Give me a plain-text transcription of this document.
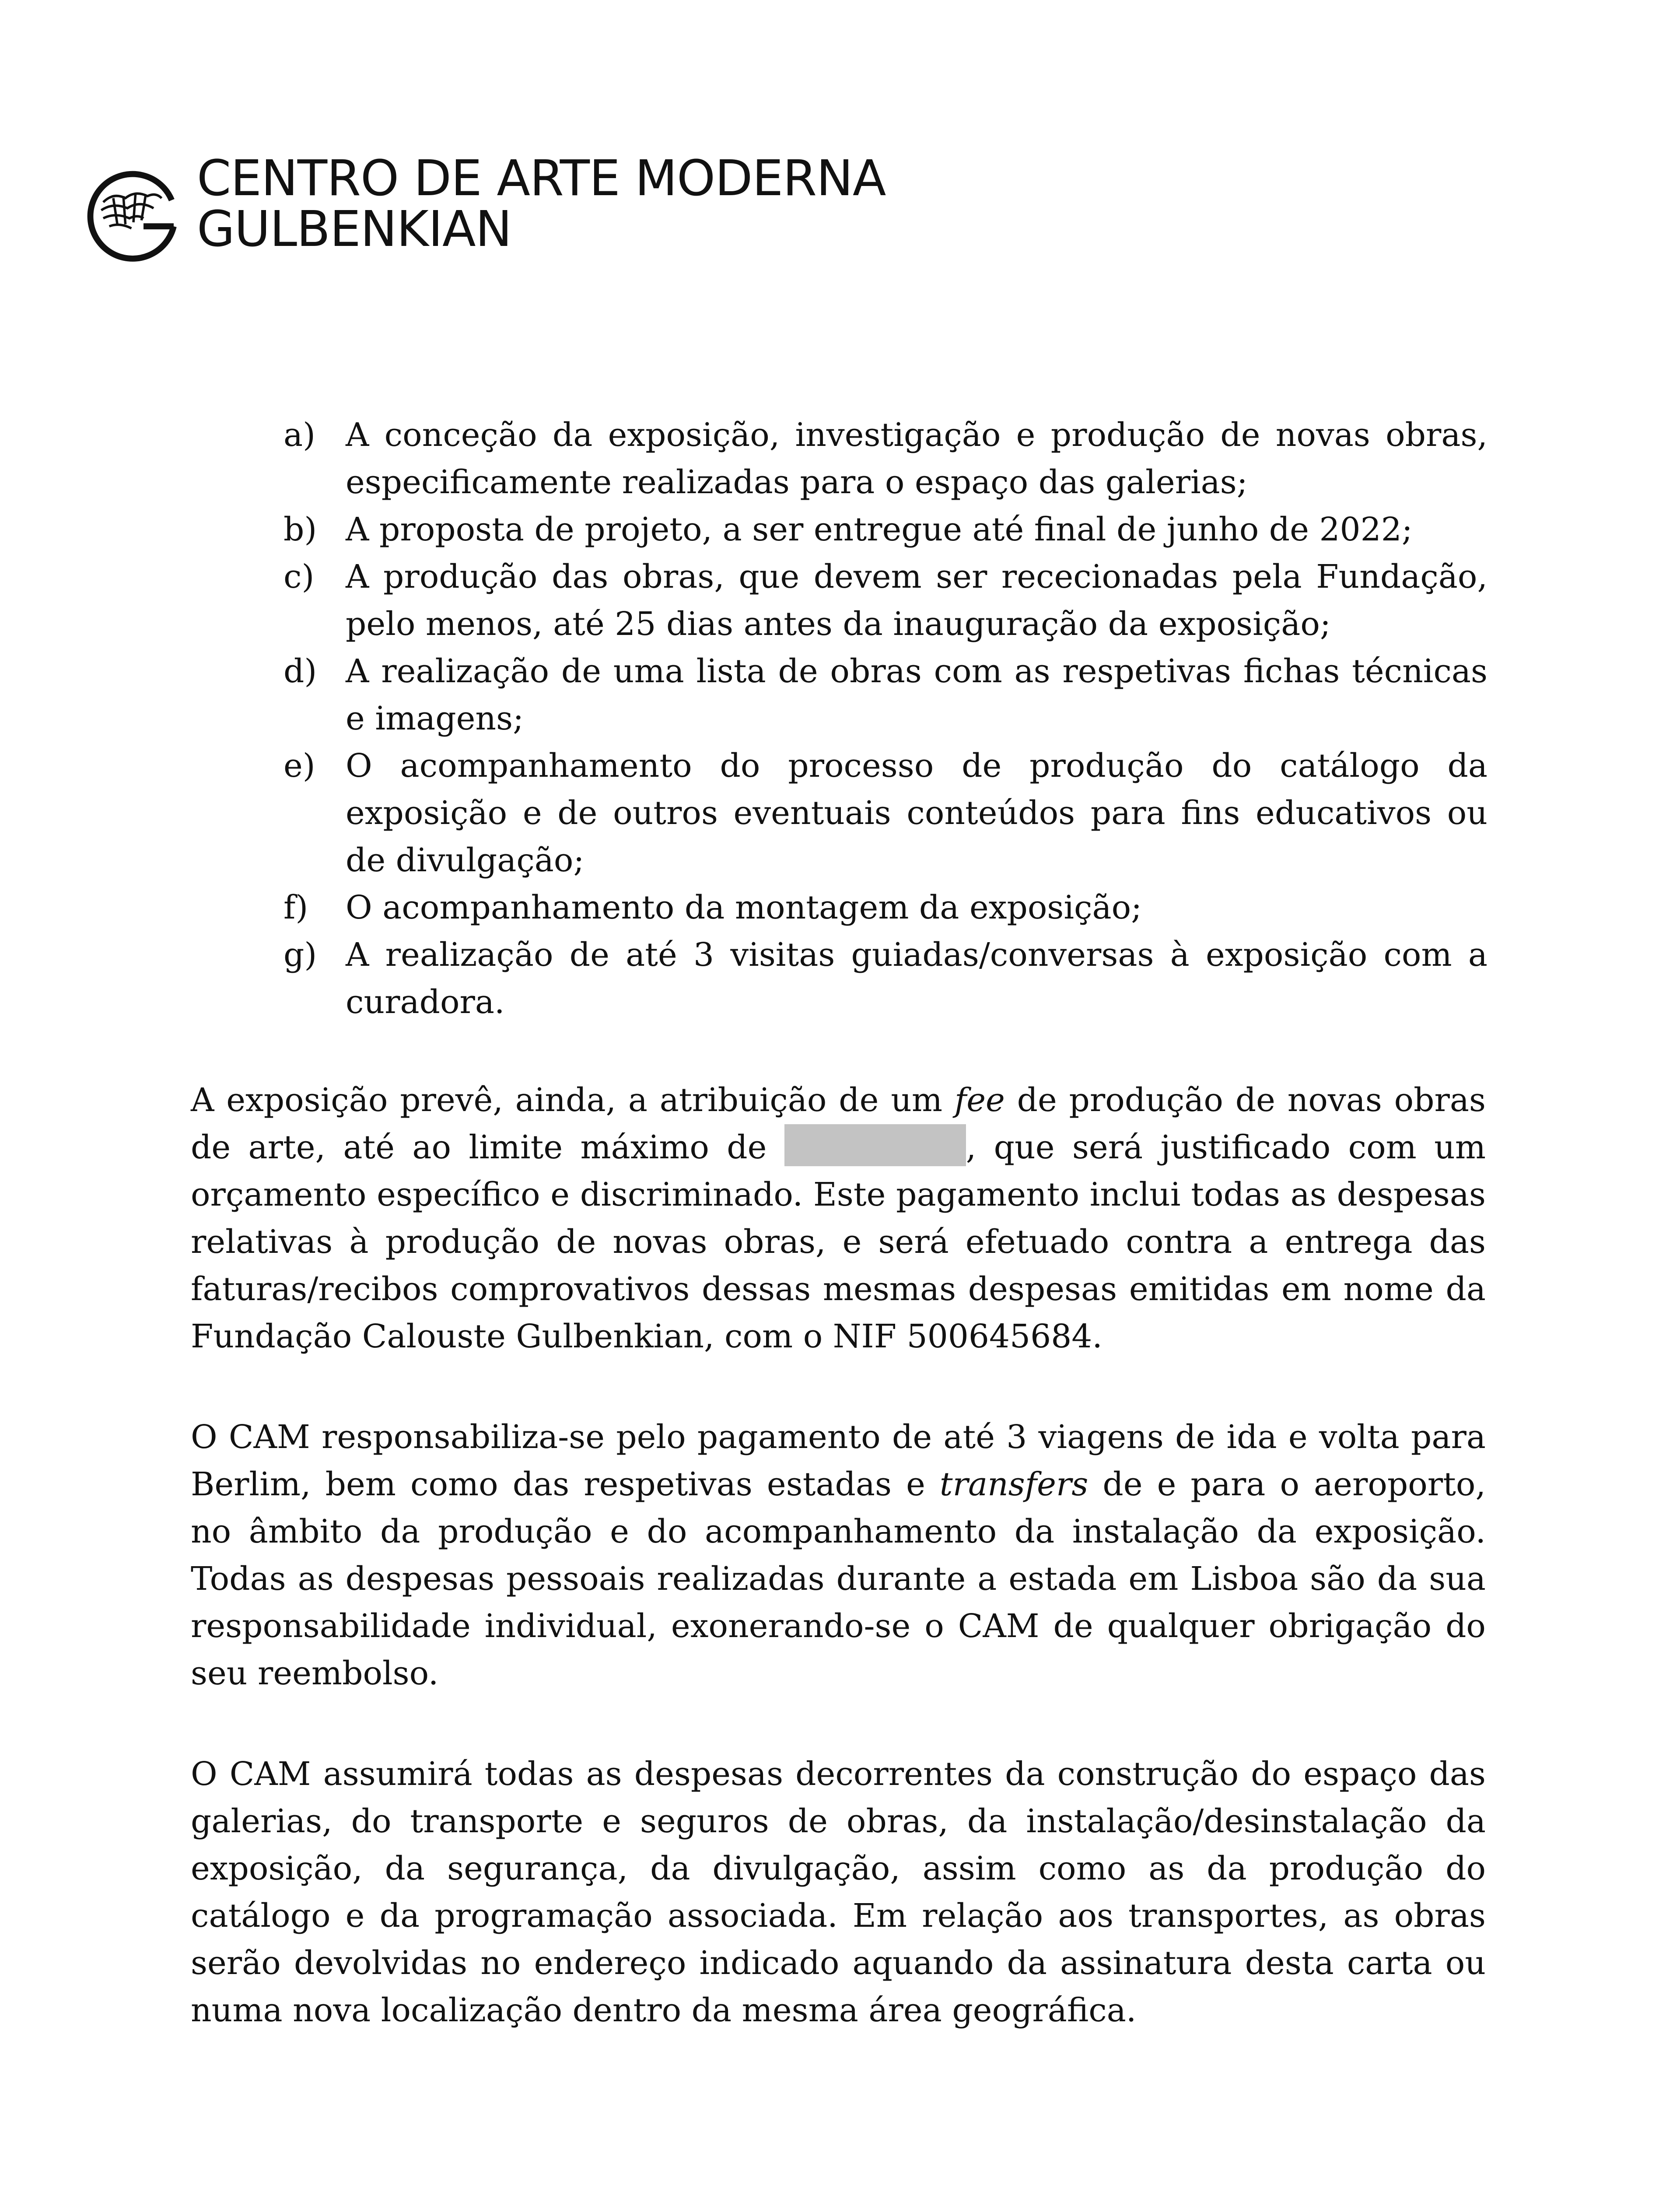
CENTRO DE ARTE MODERNA
GULBENKIAN
a) A conceção da exposição, investigação e produção de novas obras, especificamente realizadas para o espaço das galerias;
b) A proposta de projeto, a ser entregue até final de junho de 2022;
c) A produção das obras, que devem ser rececionadas pela Fundação, pelo menos, até 25 dias antes da inauguração da exposição;
d) A realização de uma lista de obras com as respetivas fichas técnicas e imagens;
e) O acompanhamento do processo de produção do catálogo da exposição e de outros eventuais conteúdos para fins educativos ou de divulgação;
f) O acompanhamento da montagem da exposição;
g) A realização de até 3 visitas guiadas/conversas à exposição com a curadora.

A exposição prevê, ainda, a atribuição de um fee de produção de novas obras de arte, até ao limite máximo de	, que será justificado com um orçamento específico e discriminado. Este pagamento inclui todas as despesas relativas à produção de novas obras, e será efetuado contra a entrega das faturas/recibos comprovativos dessas mesmas despesas emitidas em nome da Fundação Calouste Gulbenkian, com o NIF 500645684.

O CAM responsabiliza-se pelo pagamento de até 3 viagens de ida e volta para Berlim, bem como das respetivas estadas e transfers de e para o aeroporto, no âmbito da produção e do acompanhamento da instalação da exposição. Todas as despesas pessoais realizadas durante a estada em Lisboa são da sua responsabilidade individual, exonerando-se o CAM de qualquer obrigação do seu reembolso.

O CAM assumirá todas as despesas decorrentes da construção do espaço das galerias, do transporte e seguros de obras, da instalação/desinstalação da exposição, da segurança, da divulgação, assim como as da produção do catálogo e da programação associada. Em relação aos transportes, as obras serão devolvidas no endereço indicado aquando da assinatura desta carta ou numa nova localização dentro da mesma área geográfica.
